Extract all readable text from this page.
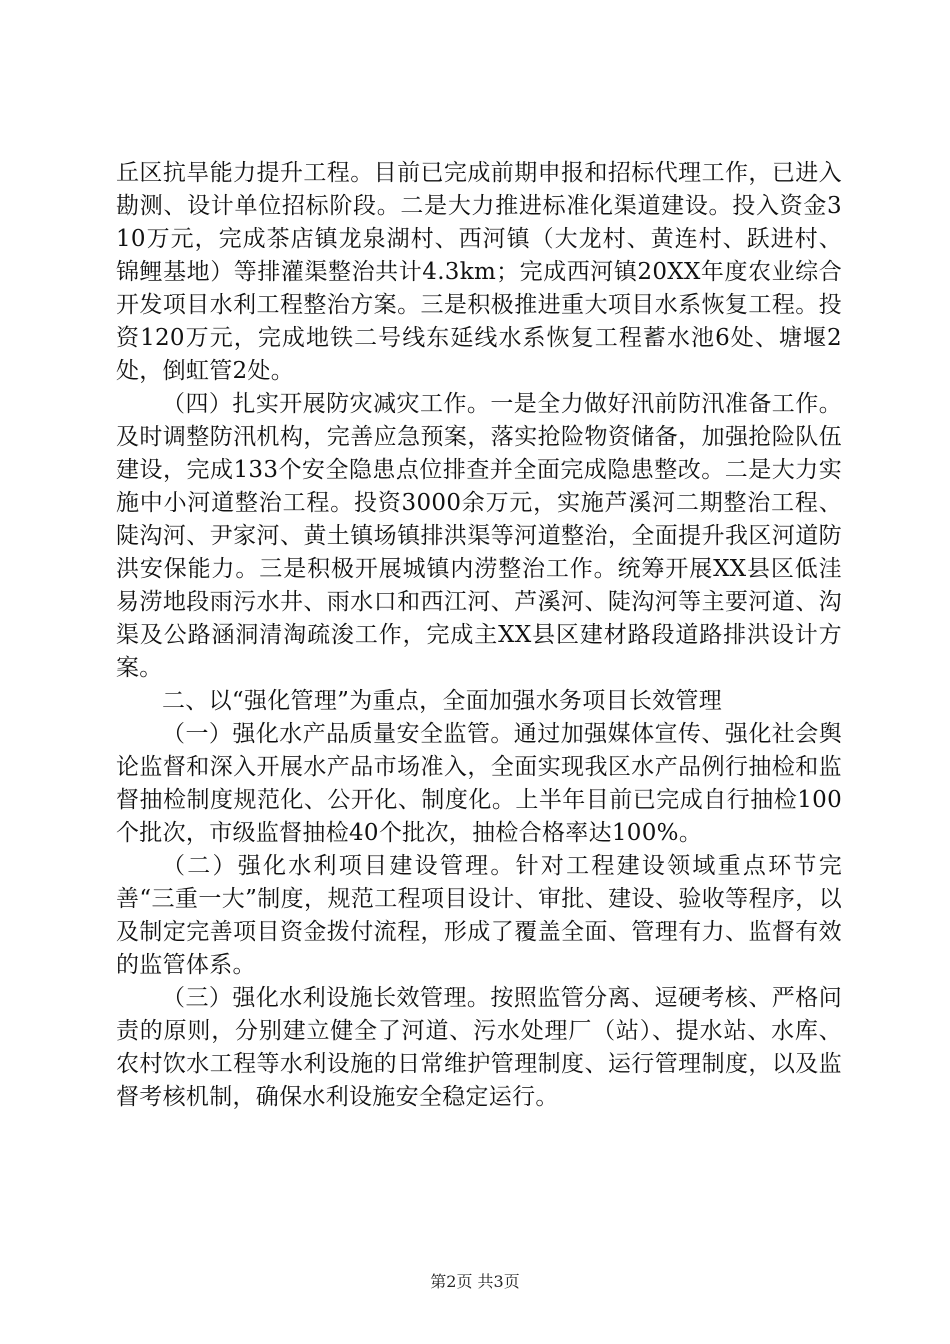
丘区抗旱能力提升工程。目前已完成前期申报和招标代理工作，已进入勘测、设计单位招标阶段。二是大力推进标准化渠道建设。投入资金310万元，完成茶店镇龙泉湖村、西河镇（大龙村、黄连村、跃进村、锦鲤基地）等排灌渠整治共计4.3km；完成西河镇20XX年度农业综合开发项目水利工程整治方案。三是积极推进重大项目水系恢复工程。投资120万元，完成地铁二号线东延线水系恢复工程蓄水池6处、塘堰2处，倒虹管2处。

（四）扎实开展防灾减灾工作。一是全力做好汛前防汛准备工作。及时调整防汛机构，完善应急预案，落实抢险物资储备，加强抢险队伍建设，完成133个安全隐患点位排查并全面完成隐患整改。二是大力实施中小河道整治工程。投资3000余万元，实施芦溪河二期整治工程、陡沟河、尹家河、黄土镇场镇排洪渠等河道整治，全面提升我区河道防洪安保能力。三是积极开展城镇内涝整治工作。统筹开展XX县区低洼易涝地段雨污水井、雨水口和西江河、芦溪河、陡沟河等主要河道、沟渠及公路涵洞清淘疏浚工作，完成主XX县区建材路段道路排洪设计方案。

二、以“强化管理”为重点，全面加强水务项目长效管理

（一）强化水产品质量安全监管。通过加强媒体宣传、强化社会舆论监督和深入开展水产品市场准入，全面实现我区水产品例行抽检和监督抽检制度规范化、公开化、制度化。上半年目前已完成自行抽检100个批次，市级监督抽检40个批次，抽检合格率达100%。

（二）强化水利项目建设管理。针对工程建设领域重点环节完善“三重一大”制度，规范工程项目设计、审批、建设、验收等程序，以及制定完善项目资金拨付流程，形成了覆盖全面、管理有力、监督有效的监管体系。

（三）强化水利设施长效管理。按照监管分离、逗硬考核、严格问责的原则，分别建立健全了河道、污水处理厂（站）、提水站、水库、农村饮水工程等水利设施的日常维护管理制度、运行管理制度，以及监督考核机制，确保水利设施安全稳定运行。

第2页 共3页
